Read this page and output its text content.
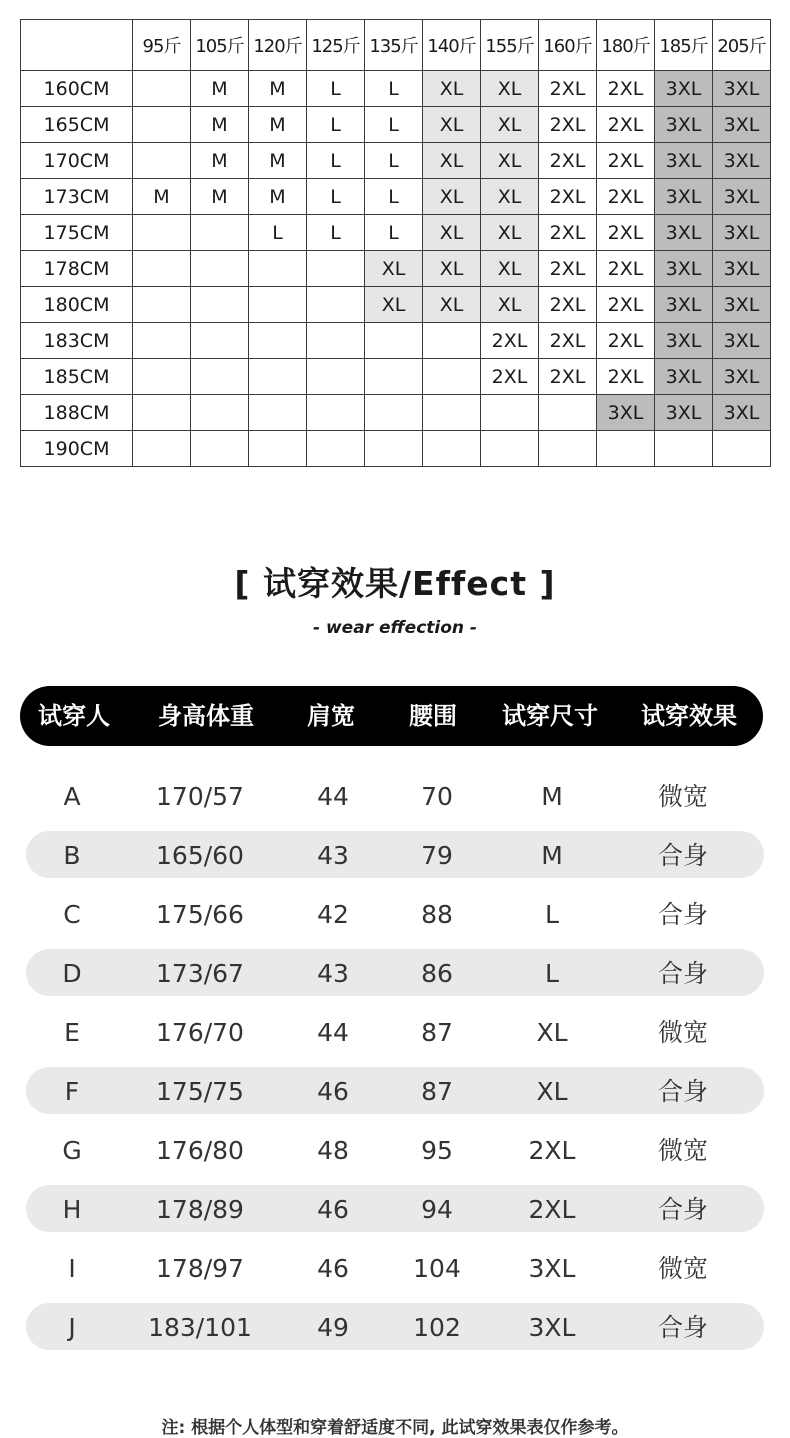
	95斤	105斤	120斤	125斤	135斤	140斤	155斤	160斤	180斤	185斤	205斤
160CM		M	M	L	L	XL	XL	2XL	2XL	3XL	3XL
165CM		M	M	L	L	XL	XL	2XL	2XL	3XL	3XL
170CM		M	M	L	L	XL	XL	2XL	2XL	3XL	3XL
173CM	M	M	M	L	L	XL	XL	2XL	2XL	3XL	3XL
175CM			L	L	L	XL	XL	2XL	2XL	3XL	3XL
178CM					XL	XL	XL	2XL	2XL	3XL	3XL
180CM					XL	XL	XL	2XL	2XL	3XL	3XL
183CM							2XL	2XL	2XL	3XL	3XL
185CM							2XL	2XL	2XL	3XL	3XL
188CM									3XL	3XL	3XL
190CM											
[ 试穿效果/Effect ]
- wear effection -
试穿人	身高体重	肩宽	腰围	试穿尺寸	试穿效果
A	170/57	44	70	M	微宽
B	165/60	43	79	M	合身
C	175/66	42	88	L	合身
D	173/67	43	86	L	合身
E	176/70	44	87	XL	微宽
F	175/75	46	87	XL	合身
G	176/80	48	95	2XL	微宽
H	178/89	46	94	2XL	合身
I	178/97	46	104	3XL	微宽
J	183/101	49	102	3XL	合身
注: 根据个人体型和穿着舒适度不同, 此试穿效果表仅作参考。
